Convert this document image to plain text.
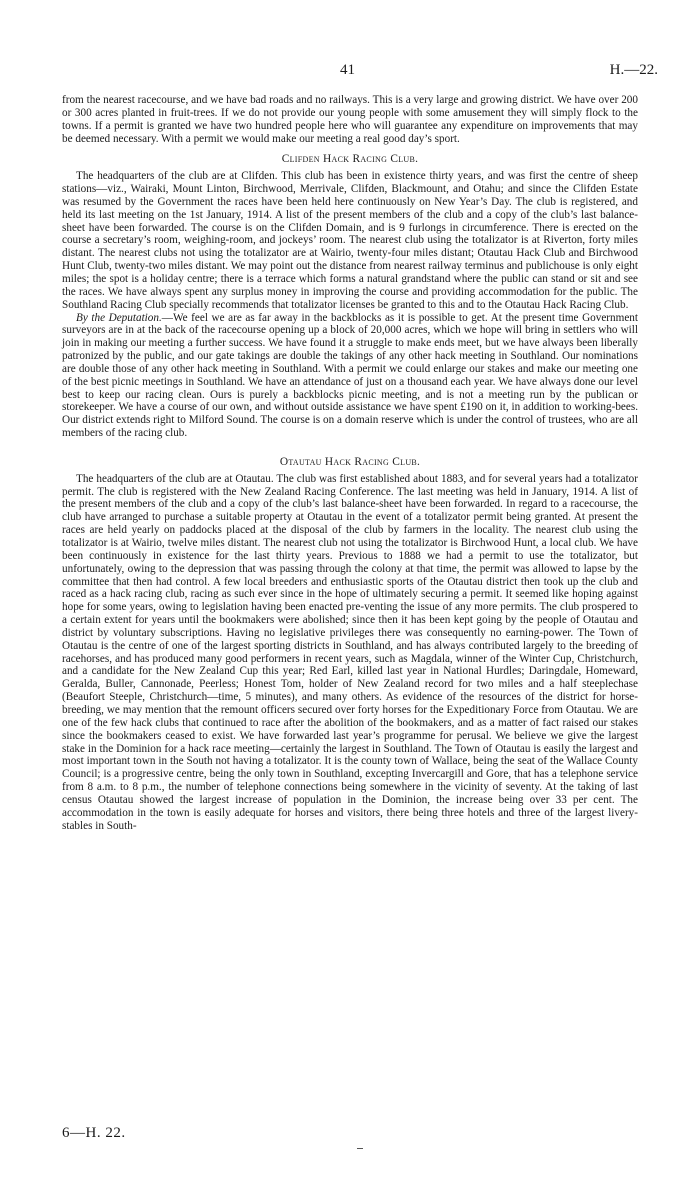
41	H.—22.

from the nearest racecourse, and we have bad roads and no railways. This is a very large and growing district. We have over 200 or 300 acres planted in fruit-trees. If we do not provide our young people with some amusement they will simply flock to the towns. If a permit is granted we have two hundred people here who will guarantee any expenditure on improvements that may be deemed necessary. With a permit we would make our meeting a real good day’s sport.

Clifden Hack Racing Club.

The headquarters of the club are at Clifden. This club has been in existence thirty years, and was first the centre of sheep stations—viz., Wairaki, Mount Linton, Birchwood, Merrivale, Clifden, Blackmount, and Otahu; and since the Clifden Estate was resumed by the Government the races have been held here continuously on New Year’s Day. The club is registered, and held its last meeting on the 1st January, 1914. A list of the present members of the club and a copy of the club’s last balance-sheet have been forwarded. The course is on the Clifden Domain, and is 9 furlongs in circumference. There is erected on the course a secretary’s room, weighing-room, and jockeys’ room. The nearest club using the totalizator is at Riverton, forty miles distant. The nearest clubs not using the totalizator are at Wairio, twenty-four miles distant; Otautau Hack Club and Birchwood Hunt Club, twenty-two miles distant. We may point out the distance from nearest railway terminus and publichouse is only eight miles; the spot is a holiday centre; there is a terrace which forms a natural grandstand where the public can stand or sit and see the races. We have always spent any surplus money in improving the course and providing accommodation for the public. The Southland Racing Club specially recommends that totalizator licenses be granted to this and to the Otautau Hack Racing Club.

By the Deputation.—We feel we are as far away in the backblocks as it is possible to get. At the present time Government surveyors are in at the back of the racecourse opening up a block of 20,000 acres, which we hope will bring in settlers who will join in making our meeting a further success. We have found it a struggle to make ends meet, but we have always been liberally patronized by the public, and our gate takings are double the takings of any other hack meeting in Southland. Our nominations are double those of any other hack meeting in Southland. With a permit we could enlarge our stakes and make our meeting one of the best picnic meetings in Southland. We have an attendance of just on a thousand each year. We have always done our level best to keep our racing clean. Ours is purely a backblocks picnic meeting, and is not a meeting run by the publican or storekeeper. We have a course of our own, and without outside assistance we have spent £190 on it, in addition to working-bees. Our district extends right to Milford Sound. The course is on a domain reserve which is under the control of trustees, who are all members of the racing club.

Otautau Hack Racing Club.

The headquarters of the club are at Otautau. The club was first established about 1883, and for several years had a totalizator permit. The club is registered with the New Zealand Racing Conference. The last meeting was held in January, 1914. A list of the present members of the club and a copy of the club’s last balance-sheet have been forwarded. In regard to a racecourse, the club have arranged to purchase a suitable property at Otautau in the event of a totalizator permit being granted. At present the races are held yearly on paddocks placed at the disposal of the club by farmers in the locality. The nearest club using the totalizator is at Wairio, twelve miles distant. The nearest club not using the totalizator is Birchwood Hunt, a local club. We have been continuously in existence for the last thirty years. Previous to 1888 we had a permit to use the totalizator, but unfortunately, owing to the depression that was passing through the colony at that time, the permit was allowed to lapse by the committee that then had control. A few local breeders and enthusiastic sports of the Otautau district then took up the club and raced as a hack racing club, racing as such ever since in the hope of ultimately securing a permit. It seemed like hoping against hope for some years, owing to legislation having been enacted pre-venting the issue of any more permits. The club prospered to a certain extent for years until the bookmakers were abolished; since then it has been kept going by the people of Otautau and district by voluntary subscriptions. Having no legislative privileges there was consequently no earning-power. The Town of Otautau is the centre of one of the largest sporting districts in Southland, and has always contributed largely to the breeding of racehorses, and has produced many good performers in recent years, such as Magdala, winner of the Winter Cup, Christchurch, and a candidate for the New Zealand Cup this year; Red Earl, killed last year in National Hurdles; Daringdale, Homeward, Geralda, Buller, Cannonade, Peerless; Honest Tom, holder of New Zealand record for two miles and a half steeplechase (Beaufort Steeple, Christchurch—time, 5 minutes), and many others. As evidence of the resources of the district for horse-breeding, we may mention that the remount officers secured over forty horses for the Expeditionary Force from Otautau. We are one of the few hack clubs that continued to race after the abolition of the bookmakers, and as a matter of fact raised our stakes since the bookmakers ceased to exist. We have forwarded last year’s programme for perusal. We believe we give the largest stake in the Dominion for a hack race meeting—certainly the largest in Southland. The Town of Otautau is easily the largest and most important town in the South not having a totalizator. It is the county town of Wallace, being the seat of the Wallace County Council; is a progressive centre, being the only town in Southland, excepting Invercargill and Gore, that has a telephone service from 8 a.m. to 8 p.m., the number of telephone connections being somewhere in the vicinity of seventy. At the taking of last census Otautau showed the largest increase of population in the Dominion, the increase being over 33 per cent. The accommodation in the town is easily adequate for horses and visitors, there being three hotels and three of the largest livery-stables in South-

6—H. 22.
